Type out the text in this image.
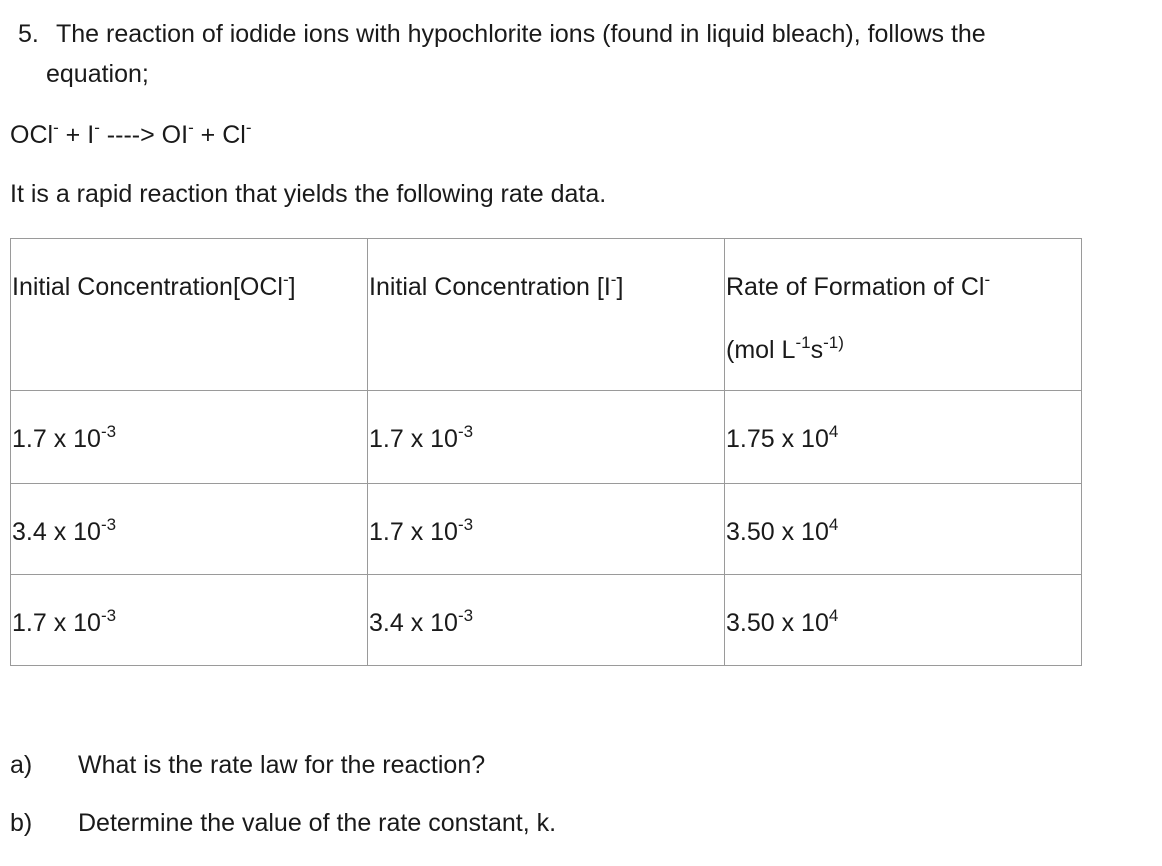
5. The reaction of iodide ions with hypochlorite ions (found in liquid bleach), follows the
equation;
OCl- + I- ----> OI- + Cl-
It is a rapid reaction that yields the following rate data.
Initial Concentration[OCl-]	Initial Concentration [I-]	Rate of Formation of Cl-
(mol $L^{-1}s^{-1)}$

1.7 x $10^{-3}$	1.7 x $10^{-3}$	1.75 x $10^4$
3.4 x $10^{-3}$	1.7 x $10^{-3}$	3.50 x $10^4$
1.7 x $10^{-3}$	3.4 x $10^{-3}$	3.50 x $10^4$
a) What is the rate law for the reaction?
b) Determine the value of the rate constant, k.
